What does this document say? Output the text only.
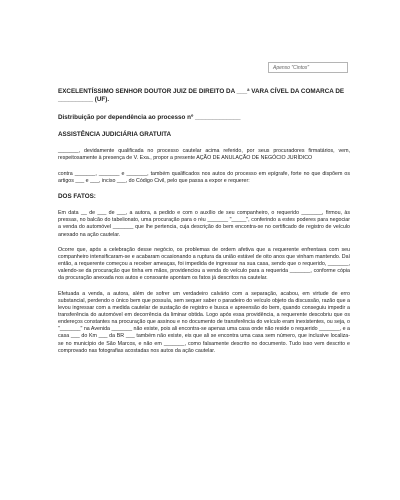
Apenso "Cintos"

EXCELENTÍSSIMO SENHOR DOUTOR JUIZ DE DIREITO DA ___ª VARA CÍVEL DA COMARCA DE __________ (UF).

Distribuição por dependência ao processo nº _____________

ASSISTÊNCIA JUDICIÁRIA GRATUITA

_______, devidamente qualificada no processo cautelar acima referido, por seus procuradores firmatários, vem, respeitosamente à presença de V. Exa., propor a presente AÇÃO DE ANULAÇÃO DE NEGÓCIO JURÍDICO

contra _______, _______ e _______, também qualificados nos autos do processo em epígrafe, forte no que dispõem os artigos ___ e ___, inciso ___, do Código Civil, pelo que passa a expor e requerer:

DOS FATOS:

Em data __ de ___ de ___, a autora, a pedido e com o auxílio de seu companheiro, o requerido _______, firmou, às pressas, no balcão do tabelionato, uma procuração para o réu _______ "_____", conferindo a estes poderes para negociar a venda do automóvel _______ que lhe pertencia, cuja descrição do bem encontra-se no certificado de registro de veículo anexado na ação cautelar.

Ocorre que, após a celebração desse negócio, os problemas de ordem afetiva que a requerente enfrentava com seu companheiro intensificaram-se e acabaram ocasionando a ruptura da união estável de oito anos que vinham mantendo. Daí então, a requerente começou a receber ameaças, foi impedida de ingressar na sua casa, sendo que o requerido, _______, valendo-se da procuração que tinha em mãos, providenciou a venda do veículo para a requerida _______, conforme cópia da procuração anexada nos autos e consoante apontam os fatos já descritos na cautelar.

Efetuada a venda, a autora, além de sofrer um verdadeiro calvário com a separação, acabou, em virtude de erro substancial, perdendo o único bem que possuía, sem sequer saber o paradeiro do veículo objeto da discussão, razão que a levou ingressar com a medida cautelar de sustação de registro e busca e apreensão do bem, quando conseguiu impedir a transferência do automóvel em decorrência da liminar obtida. Logo após essa providência, a requerente descobriu que os endereços constantes na procuração que assinou e no documento de transferência do veículo eram inexistentes, ou seja, o "_______" na Avenida _______ não existe, pois ali encontra-se apenas uma casa onde não reside o requerido _______, e a casa ___ do Km ___ da BR ___ também não existe, eis que ali se encontra uma casa sem número, que inclusive localiza-se no município de São Marcos, e não em _______, como falsamente descrito no documento. Tudo isso vem descrito e comprovado nas fotografias acostadas nos autos da ação cautelar.
